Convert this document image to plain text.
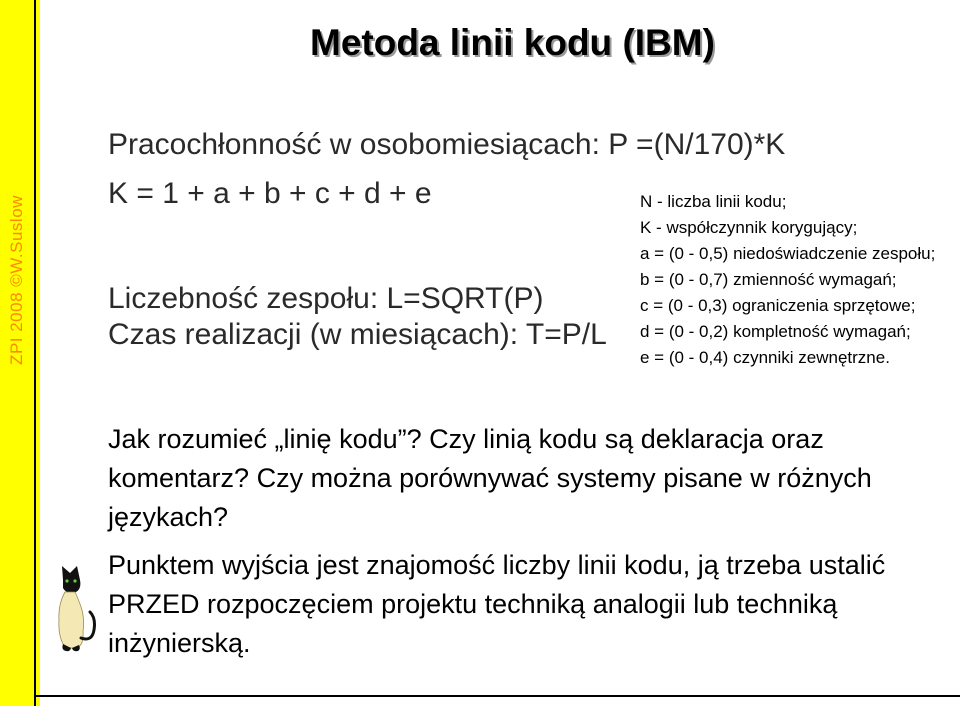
ZPI 2008 ©W.Suslow
Metoda linii kodu (IBM)
Pracochłonność w osobomiesiącach: P =(N/170)*K
K = 1 + a + b + c + d + e
Liczebność zespołu: L=SQRT(P)
Czas realizacji (w miesiącach): T=P/L
N - liczba linii kodu;
K - współczynnik korygujący;
a = (0 - 0,5) niedoświadczenie zespołu;
b = (0 - 0,7) zmienność wymagań;
c = (0 - 0,3) ograniczenia sprzętowe;
d = (0 - 0,2) kompletność wymagań;
e = (0 - 0,4) czynniki zewnętrzne.
Jak rozumieć „linię kodu”? Czy linią kodu są deklaracja oraz
komentarz? Czy można porównywać systemy pisane w różnych
językach?
Punktem wyjścia jest znajomość liczby linii kodu, ją trzeba ustalić
PRZED rozpoczęciem projektu techniką analogii lub techniką
inżynierską.
